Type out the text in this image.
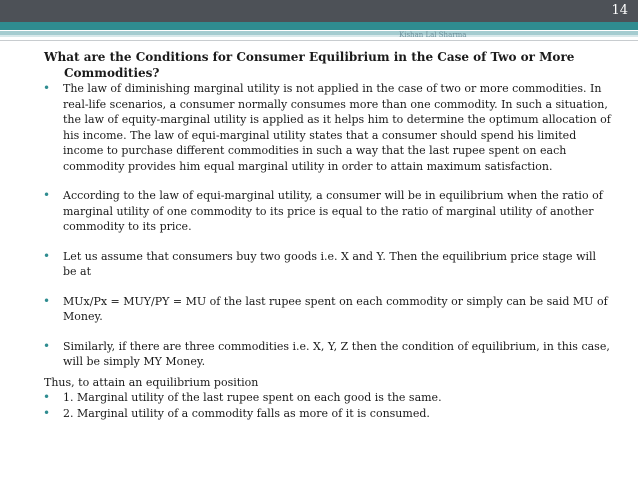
14

What are the Conditions for Consumer Equilibrium in the Case of Two or More Commodities?

• The law of diminishing marginal utility is not applied in the case of two or more commodities. In real-life scenarios, a consumer normally consumes more than one commodity. In such a situation, the law of equity-marginal utility is applied as it helps him to determine the optimum allocation of his income. The law of equi-marginal utility states that a consumer should spend his limited income to purchase different commodities in such a way that the last rupee spent on each commodity provides him equal marginal utility in order to attain maximum satisfaction.
• According to the law of equi-marginal utility, a consumer will be in equilibrium when the ratio of marginal utility of one commodity to its price is equal to the ratio of marginal utility of another commodity to its price.
• Let us assume that consumers buy two goods i.e. X and Y. Then the equilibrium price stage will be at
• MUx/Px = MUY/PY = MU of the last rupee spent on each commodity or simply can be said MU of Money.
• Similarly, if there are three commodities i.e. X, Y, Z then the condition of equilibrium, in this case, will be simply MY Money.

Thus, to attain an equilibrium position

• 1. Marginal utility of the last rupee spent on each good is the same.
• 2. Marginal utility of a commodity falls as more of it is consumed.
Kishan Lal Sharma
